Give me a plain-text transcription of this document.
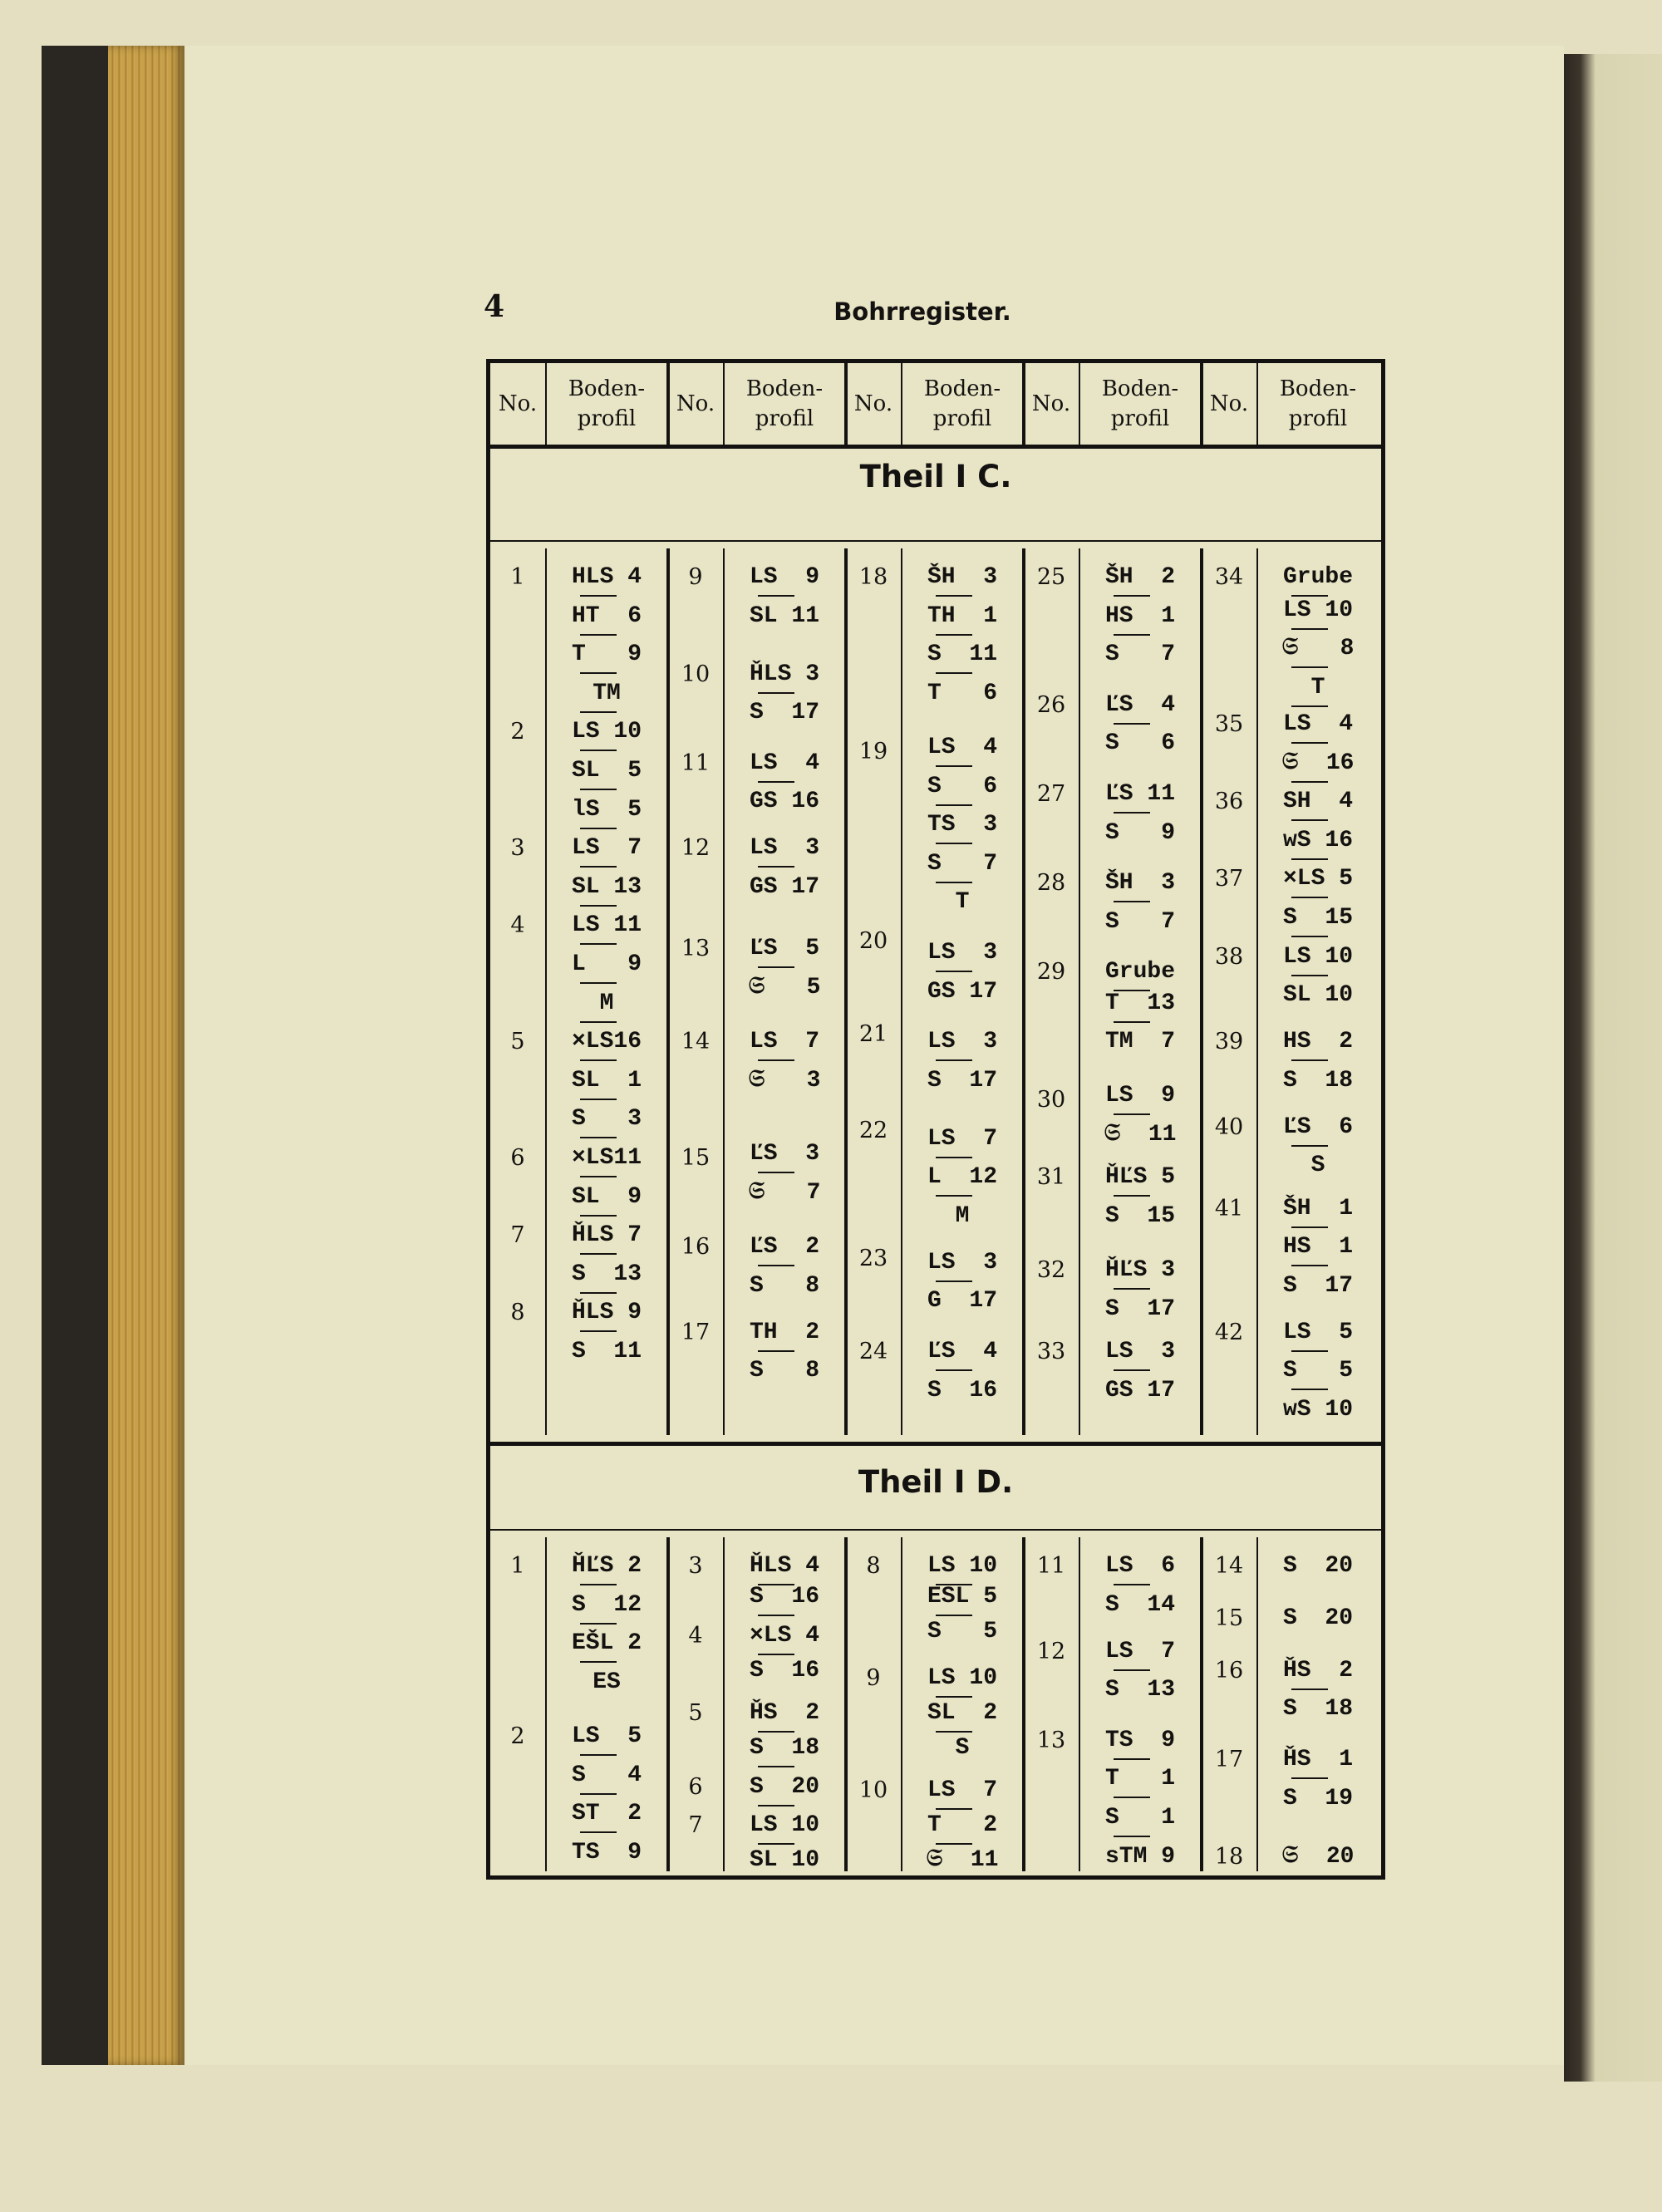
4	Bohrregister.
No.
Boden-
profil
No.
Boden-
profil
No.
Boden-
profil
No.
Boden-
profil
No.
Boden-
profil
Theil I C.
1
2
3
4
5
6
7
8
HLS 4
HT  6
T   9
TM
LS 10
SL  5
lS  5
LS  7
SL 13
LS 11
L   9
M
×LS16
SL  1
S   3
×LS11
SL  9
ȞLS 7
S  13
ȞLS 9
S  11
9
10
11
12
13
14
15
16
17
LS  9
SL 11
ȞLS 3
S  17
LS  4
GS 16
LS  3
GS 17
ĽS  5
𝔖   5
LS  7
𝔖   3
ĽS  3
𝔖   7
ĽS  2
S   8
TH  2
S   8
18
19
20
21
22
23
24
ŠH  3
TH  1
S  11
T   6
LS  4
S   6
TS  3
S   7
T
LS  3
GS 17
LS  3
S  17
LS  7
L  12
M
LS  3
G  17
ĽS  4
S  16
25
26
27
28
29
30
31
32
33
ŠH  2
HS  1
S   7
ĽS  4
S   6
ĽS 11
S   9
ŠH  3
S   7
Grube
T  13
TM  7
LS  9
𝔖  11
ȞĽS 5
S  15
ȞĽS 3
S  17
LS  3
GS 17
34
35
36
37
38
39
40
41
42
Grube
LS 10
𝔖   8
T
LS  4
𝔖  16
SH  4
wS 16
×LS 5
S  15
LS 10
SL 10
HS  2
S  18
ĽS  6
S
ŠH  1
HS  1
S  17
LS  5
S   5
wS 10
Theil I D.
1
2
ȞĽS 2
S  12
EŠL 2
ES
LS  5
S   4
ST  2
TS  9
3
4
5
6
7
ȞLS 4
S  16
×LS 4
S  16
ȞS  2
S  18
S  20
LS 10
SL 10
8
9
10
LS 10
ESL 5
S   5
LS 10
SL  2
S
LS  7
T   2
𝔖  11
11
12
13
LS  6
S  14
LS  7
S  13
TS  9
T   1
S   1
sTM 9
14
15
16
17
18
S  20
S  20
ȞS  2
S  18
ȞS  1
S  19
𝔖  20
